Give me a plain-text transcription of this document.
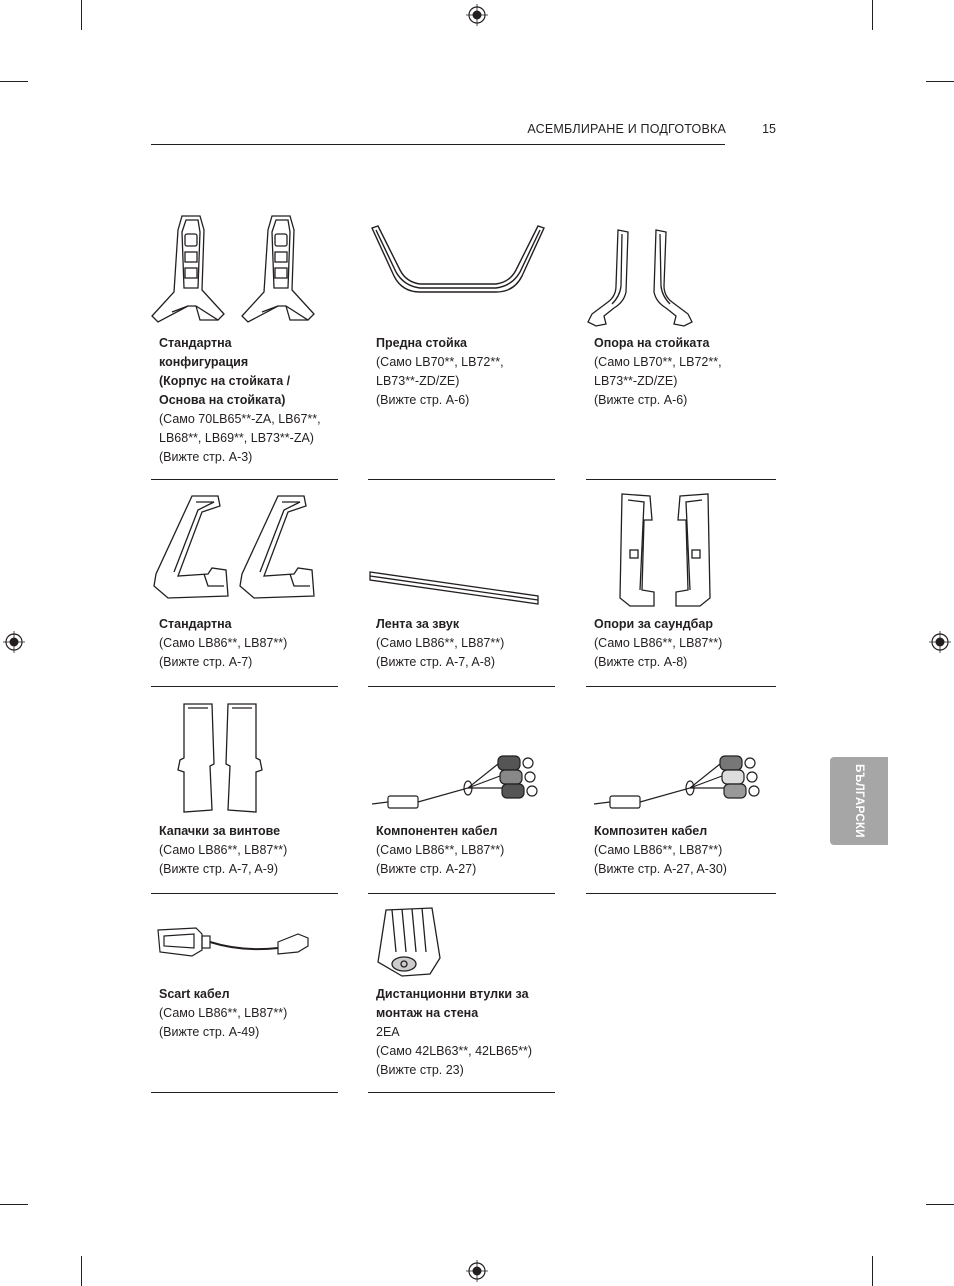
АСЕМБЛИРАНЕ И ПОДГОТОВКА	15
БЪЛГАРСКИ
Стандартна
конфигурация
(Корпус на стойката /
Основа на стойката)
(Само 70LB65**-ZA, LB67**,
LB68**, LB69**, LB73**-ZA)
(Вижте стр. A-3)
Предна стойка
(Само LB70**, LB72**,
LB73**-ZD/ZE)
(Вижте стр. A-6)
Опора на стойката
(Само LB70**, LB72**,
LB73**-ZD/ZE)
(Вижте стр. A-6)
Стандартна
(Само LB86**, LB87**)
(Вижте стр. A-7)
Лента за звук
(Само LB86**, LB87**)
(Вижте стр. A-7, A-8)
Опори за саундбар
(Само LB86**, LB87**)
(Вижте стр. A-8)
Капачки за винтове
(Само LB86**, LB87**)
(Вижте стр. A-7, A-9)
Компонентен кабел
(Само LB86**, LB87**)
(Вижте стр. A-27)
Композитен кабел
(Само LB86**, LB87**)
(Вижте стр. A-27, A-30)
Scart кабел
(Само LB86**, LB87**)
(Вижте стр. A-49)
Дистанционни втулки за
монтаж на стена
2EA
(Само 42LB63**, 42LB65**)
(Вижте стр. 23)
